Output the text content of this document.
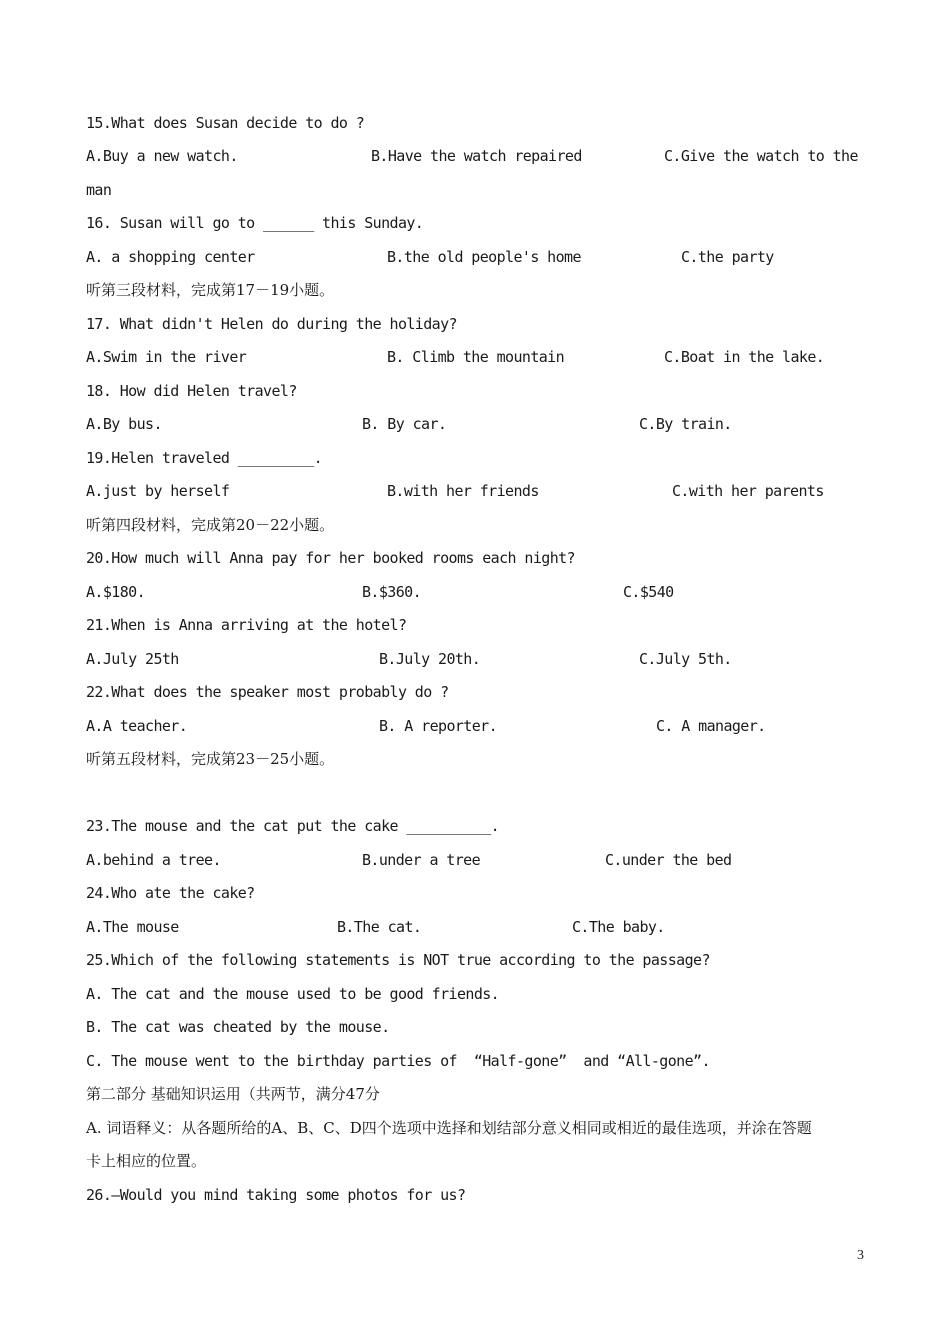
15.What does Susan decide to do ?
A.Buy a new watch.	B.Have the watch repaired	C.Give the watch to the
man
16. Susan will go to ______ this Sunday.
A. a shopping center	B.the old people's home	C.the party
听第三段材料，完成第17－19小题。
17. What didn't Helen do during the holiday?
A.Swim in the river	B. Climb the mountain	C.Boat in the lake.
18. How did Helen travel?
A.By bus.	B. By car.	C.By train.
19.Helen traveled _________.
A.just by herself	B.with her friends	C.with her parents
听第四段材料，完成第20－22小题。
20.How much will Anna pay for her booked rooms each night?
A.$180.	B.$360.	C.$540
21.When is Anna arriving at the hotel?
A.July 25th	B.July 20th.	C.July 5th.
22.What does the speaker most probably do ?
A.A teacher.	B. A reporter.	C. A manager.
听第五段材料，完成第23－25小题。
23.The mouse and the cat put the cake __________.
A.behind a tree.	B.under a tree	C.under the bed
24.Who ate the cake?
A.The mouse	B.The cat.	C.The baby.
25.Which of the following statements is NOT true according to the passage?
A. The cat and the mouse used to be good friends.
B. The cat was cheated by the mouse.
C. The mouse went to the birthday parties of  “Half-gone”  and “All-gone”.
第二部分 基础知识运用（共两节，满分47分
A. 词语释义：从各题所给的A、B、C、D四个选项中选择和划结部分意义相同或相近的最佳选项，并涂在答题
卡上相应的位置。
26.—Would you mind taking some photos for us?
3
